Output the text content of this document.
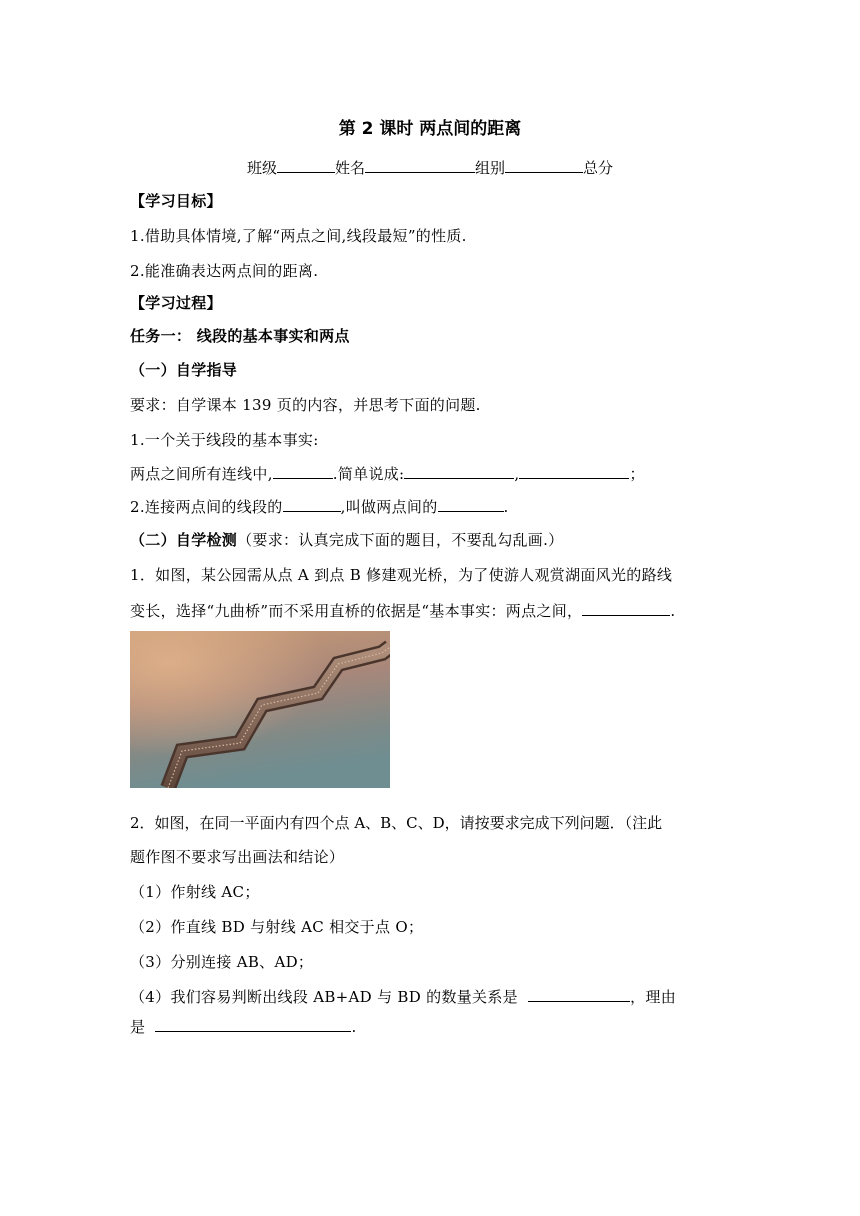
第 2 课时 两点间的距离
班级	姓名	组别	总分
【学习目标】
1.借助具体情境,了解“两点之间,线段最短”的性质.
2.能准确表达两点间的距离.
【学习过程】
任务一： 线段的基本事实和两点
（一）自学指导
要求：自学课本 139 页的内容，并思考下面的问题.
1.一个关于线段的基本事实:
两点之间所有连线中,	.简单说成:	,	；
2.连接两点间的线段的	,叫做两点间的	.
（二）自学检测（要求：认真完成下面的题目，不要乱勾乱画.）
1．如图，某公园需从点 A 到点 B 修建观光桥，为了使游人观赏湖面风光的路线
变长，选择“九曲桥”而不采用直桥的依据是“基本事实：两点之间，	.
2．如图，在同一平面内有四个点 A、B、C、D，请按要求完成下列问题．（注此
题作图不要求写出画法和结论）
（1）作射线 AC；
（2）作直线 BD 与射线 AC 相交于点 O；
（3）分别连接 AB、AD；
（4）我们容易判断出线段 AB+AD 与 BD 的数量关系是	，理由
是	.
